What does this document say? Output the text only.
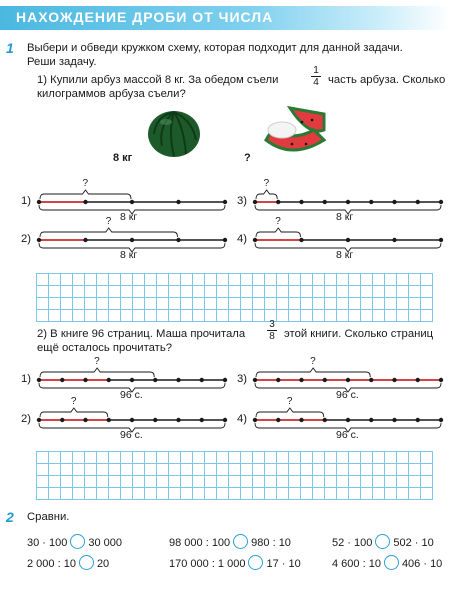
НАХОЖДЕНИЕ ДРОБИ ОТ ЧИСЛА
1 Выбери и обведи кружком схему, которая подходит для данной задачи.
Реши задачу.
1) Купили арбуз массой 8 кг. За обедом съели	$\frac{1}{4}$ часть арбуза. Сколько
килограммов арбуза съели?
8 кг	?
1)
?
8 кг
2)
?
8 кг
3)
?
8 кг
4)
?
8 кг
2) В книге 96 страниц. Маша прочитала $\frac{3}{8}$ этой книги. Сколько страниц
ещё осталось прочитать?
1)
?
96 с.
2)
?
96 с.
3)
?
96 с.
4)
?
96 с.
2 Сравни.
30 · 100 30 000	98 000 : 100 980 : 10	52 · 100 502 · 10
2 000 : 10 20	170 000 : 1 000 17 · 10	4 600 : 10 406 · 10
